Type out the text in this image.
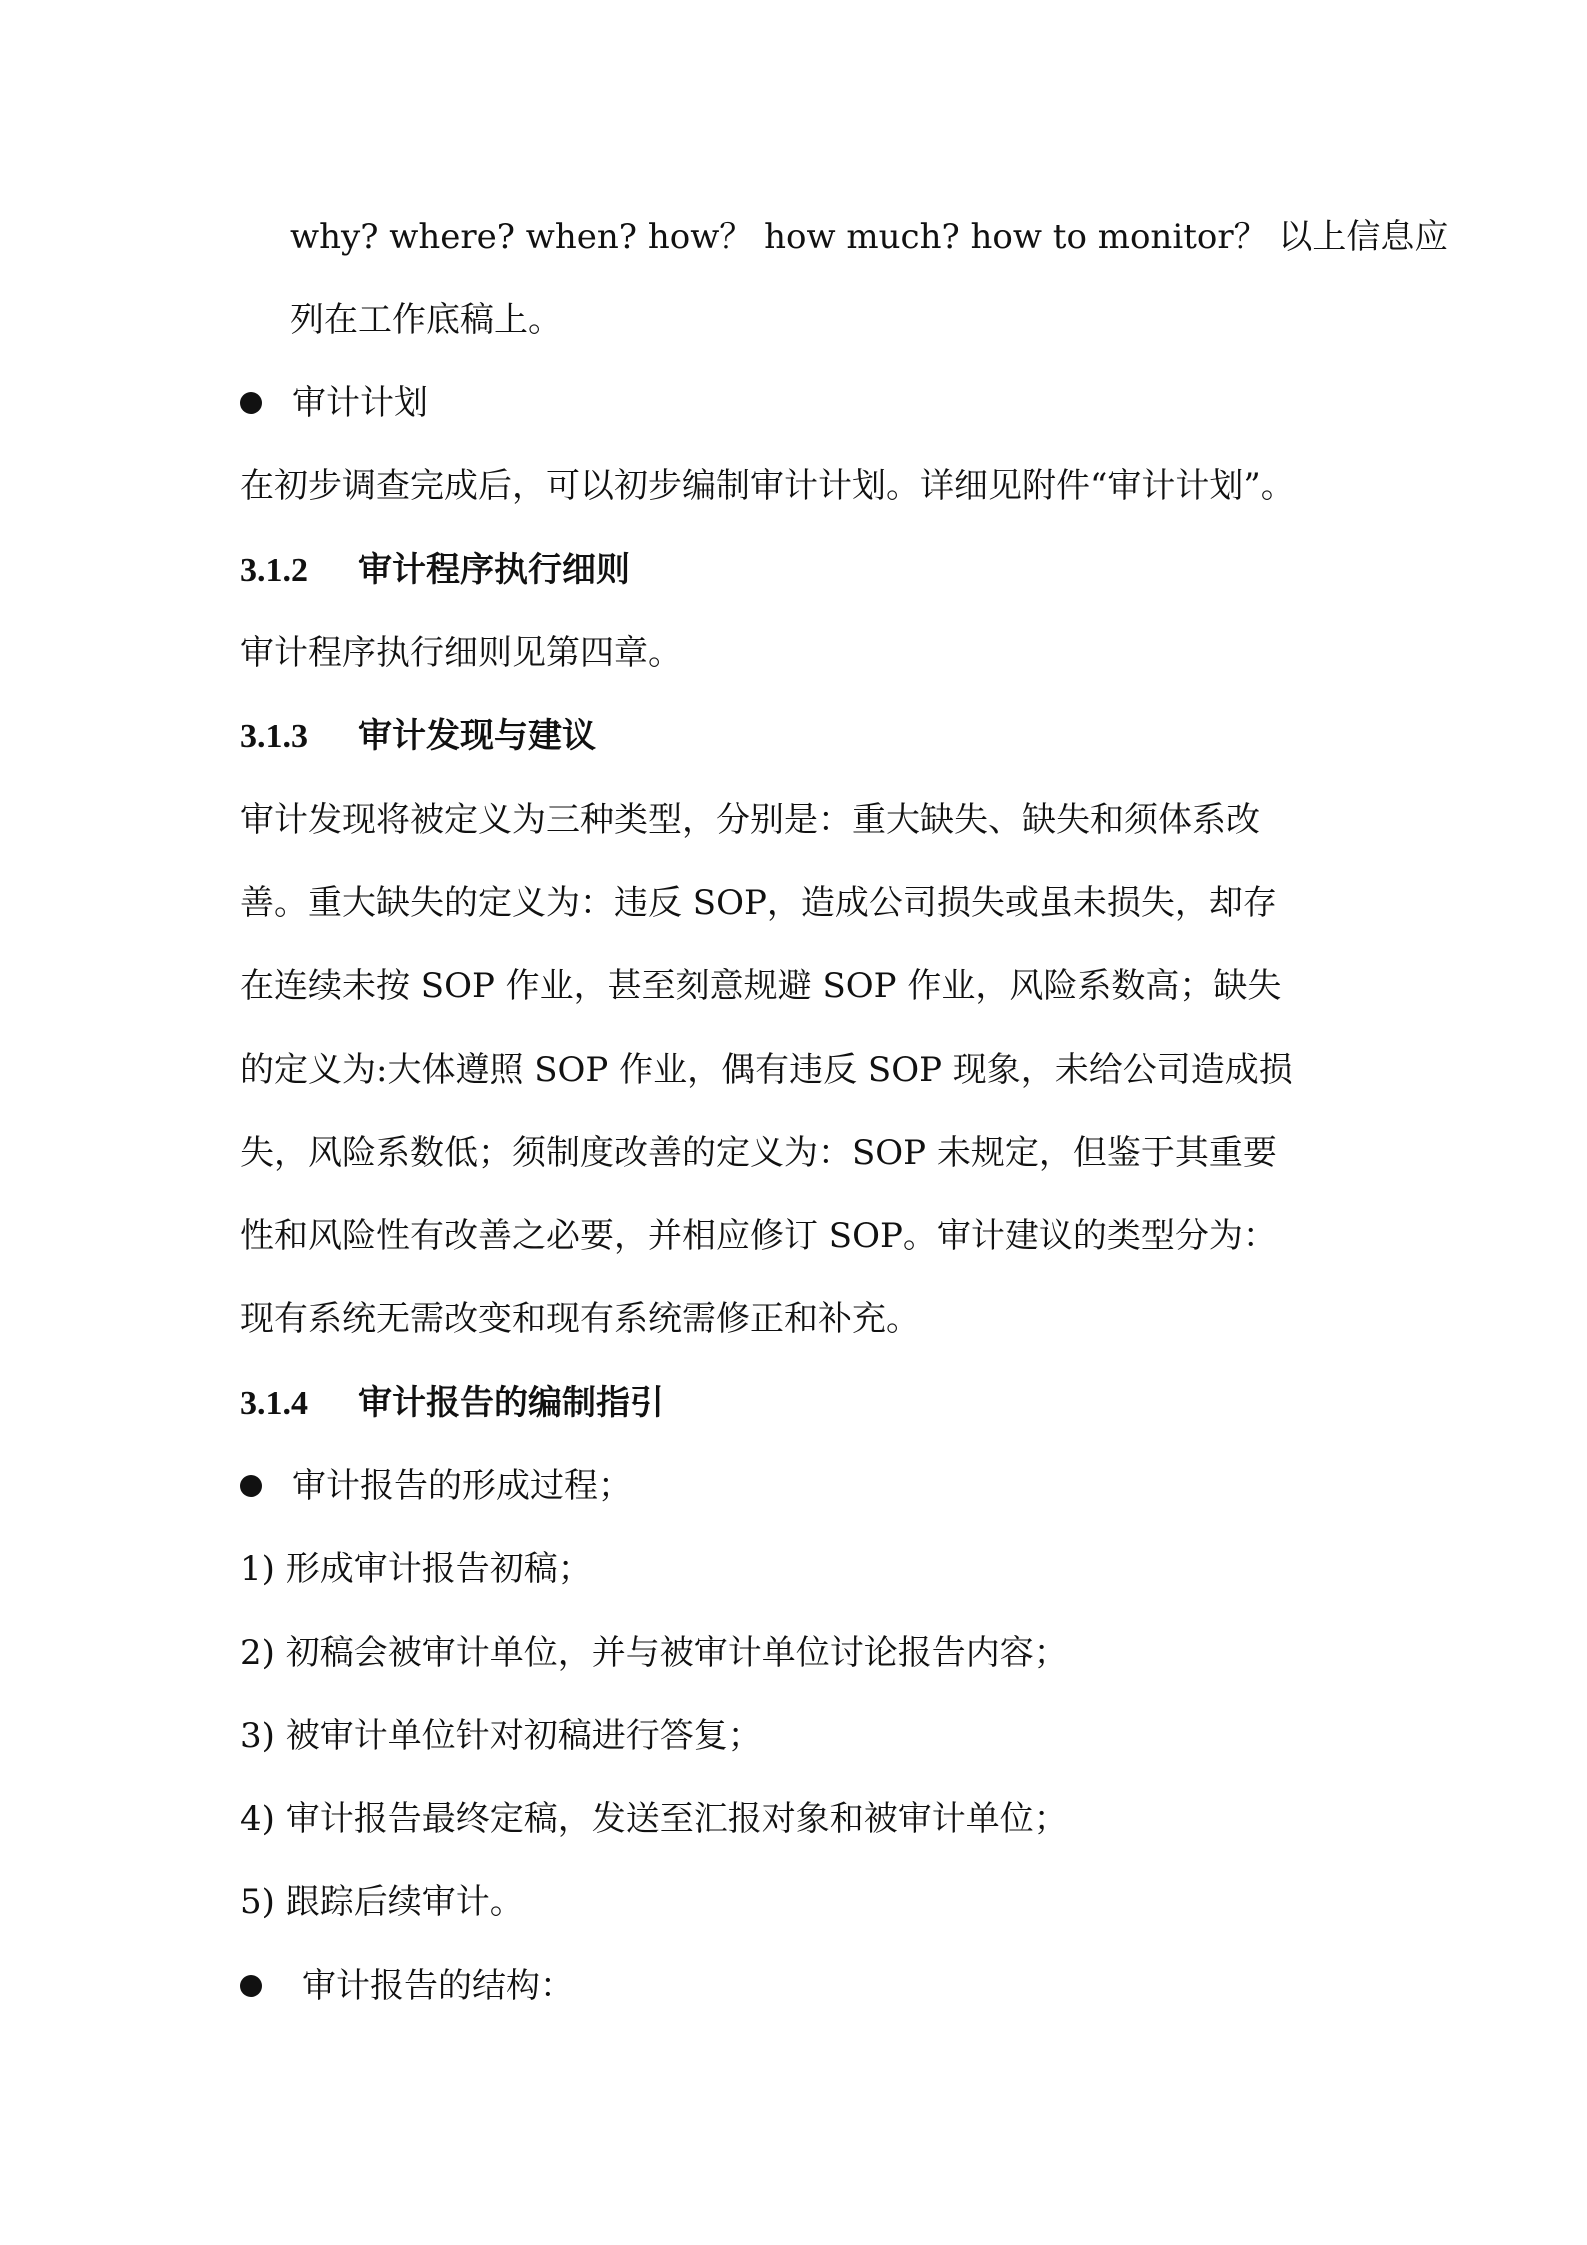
why? where? when? how？ how much? how to monitor？ 以上信息应
列在工作底稿上。
审计计划
在初步调查完成后，可以初步编制审计计划。详细见附件“审计计划”。
3.1.2 审计程序执行细则
审计程序执行细则见第四章。
3.1.3 审计发现与建议
审计发现将被定义为三种类型，分别是：重大缺失、缺失和须体系改
善。重大缺失的定义为：违反 SOP，造成公司损失或虽未损失，却存
在连续未按 SOP 作业，甚至刻意规避 SOP 作业，风险系数高；缺失
的定义为:大体遵照 SOP 作业，偶有违反 SOP 现象，未给公司造成损
失，风险系数低；须制度改善的定义为：SOP 未规定，但鉴于其重要
性和风险性有改善之必要，并相应修订 SOP。审计建议的类型分为：
现有系统无需改变和现有系统需修正和补充。
3.1.4 审计报告的编制指引
审计报告的形成过程；
1) 形成审计报告初稿；
2) 初稿会被审计单位，并与被审计单位讨论报告内容；
3) 被审计单位针对初稿进行答复；
4) 审计报告最终定稿，发送至汇报对象和被审计单位；
5) 跟踪后续审计。
审计报告的结构：
